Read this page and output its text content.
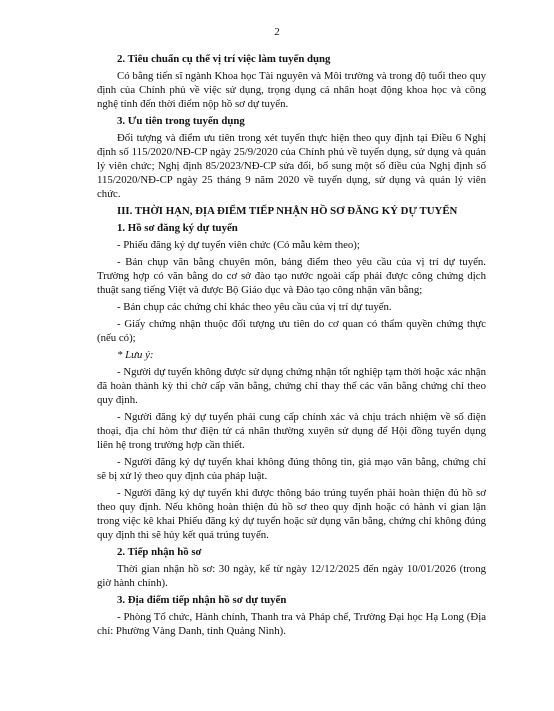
2

2. Tiêu chuẩn cụ thể vị trí việc làm tuyển dụng

Có bằng tiến sĩ ngành Khoa học Tài nguyên và Môi trường và trong độ tuổi theo quy định của Chính phủ về việc sử dụng, trọng dụng cá nhân hoạt động khoa học và công nghệ tính đến thời điểm nộp hồ sơ dự tuyển.

3. Ưu tiên trong tuyển dụng

Đối tượng và điểm ưu tiên trong xét tuyển thực hiện theo quy định tại Điều 6 Nghị định số 115/2020/NĐ-CP ngày 25/9/2020 của Chính phủ về tuyển dụng, sử dụng và quản lý viên chức; Nghị định 85/2023/NĐ-CP sửa đổi, bổ sung một số điều của Nghị định số 115/2020/NĐ-CP ngày 25 tháng 9 năm 2020 về tuyển dụng, sử dụng và quản lý viên chức.

III. THỜI HẠN, ĐỊA ĐIỂM TIẾP NHẬN HỒ SƠ ĐĂNG KÝ DỰ TUYỂN

1. Hồ sơ đăng ký dự tuyển

- Phiếu đăng ký dự tuyển viên chức (Có mẫu kèm theo);

- Bản chụp văn bằng chuyên môn, bảng điểm theo yêu cầu của vị trí dự tuyển. Trường hợp có văn bằng do cơ sở đào tạo nước ngoài cấp phải được công chứng dịch thuật sang tiếng Việt và được Bộ Giáo dục và Đào tạo công nhận văn bằng;

- Bản chụp các chứng chỉ khác theo yêu cầu của vị trí dự tuyển.

- Giấy chứng nhận thuộc đối tượng ưu tiên do cơ quan có thẩm quyền chứng thực (nếu có);

* Lưu ý:

- Người dự tuyển không được sử dụng chứng nhận tốt nghiệp tạm thời hoặc xác nhận đã hoàn thành kỳ thi chờ cấp văn bằng, chứng chỉ thay thế các văn bằng chứng chỉ theo quy định.

- Người đăng ký dự tuyển phải cung cấp chính xác và chịu trách nhiệm về số điện thoại, địa chỉ hòm thư điện tử cá nhân thường xuyên sử dụng để Hội đồng tuyển dụng liên hệ trong trường hợp cần thiết.

- Người đăng ký dự tuyển khai không đúng thông tin, giả mạo văn bằng, chứng chỉ sẽ bị xử lý theo quy định của pháp luật.

- Người đăng ký dự tuyển khi được thông báo trúng tuyển phải hoàn thiện đủ hồ sơ theo quy định. Nếu không hoàn thiện đủ hồ sơ theo quy định hoặc có hành vi gian lận trong việc kê khai Phiếu đăng ký dự tuyển hoặc sử dụng văn bằng, chứng chỉ không đúng quy định thì sẽ hủy kết quả trúng tuyển.

2. Tiếp nhận hồ sơ

Thời gian nhận hồ sơ: 30 ngày, kể từ ngày 12/12/2025 đến ngày 10/01/2026 (trong giờ hành chính).

3. Địa điểm tiếp nhận hồ sơ dự tuyển

- Phòng Tổ chức, Hành chính, Thanh tra và Pháp chế, Trường Đại học Hạ Long (Địa chỉ: Phường Vàng Danh, tỉnh Quảng Ninh).
